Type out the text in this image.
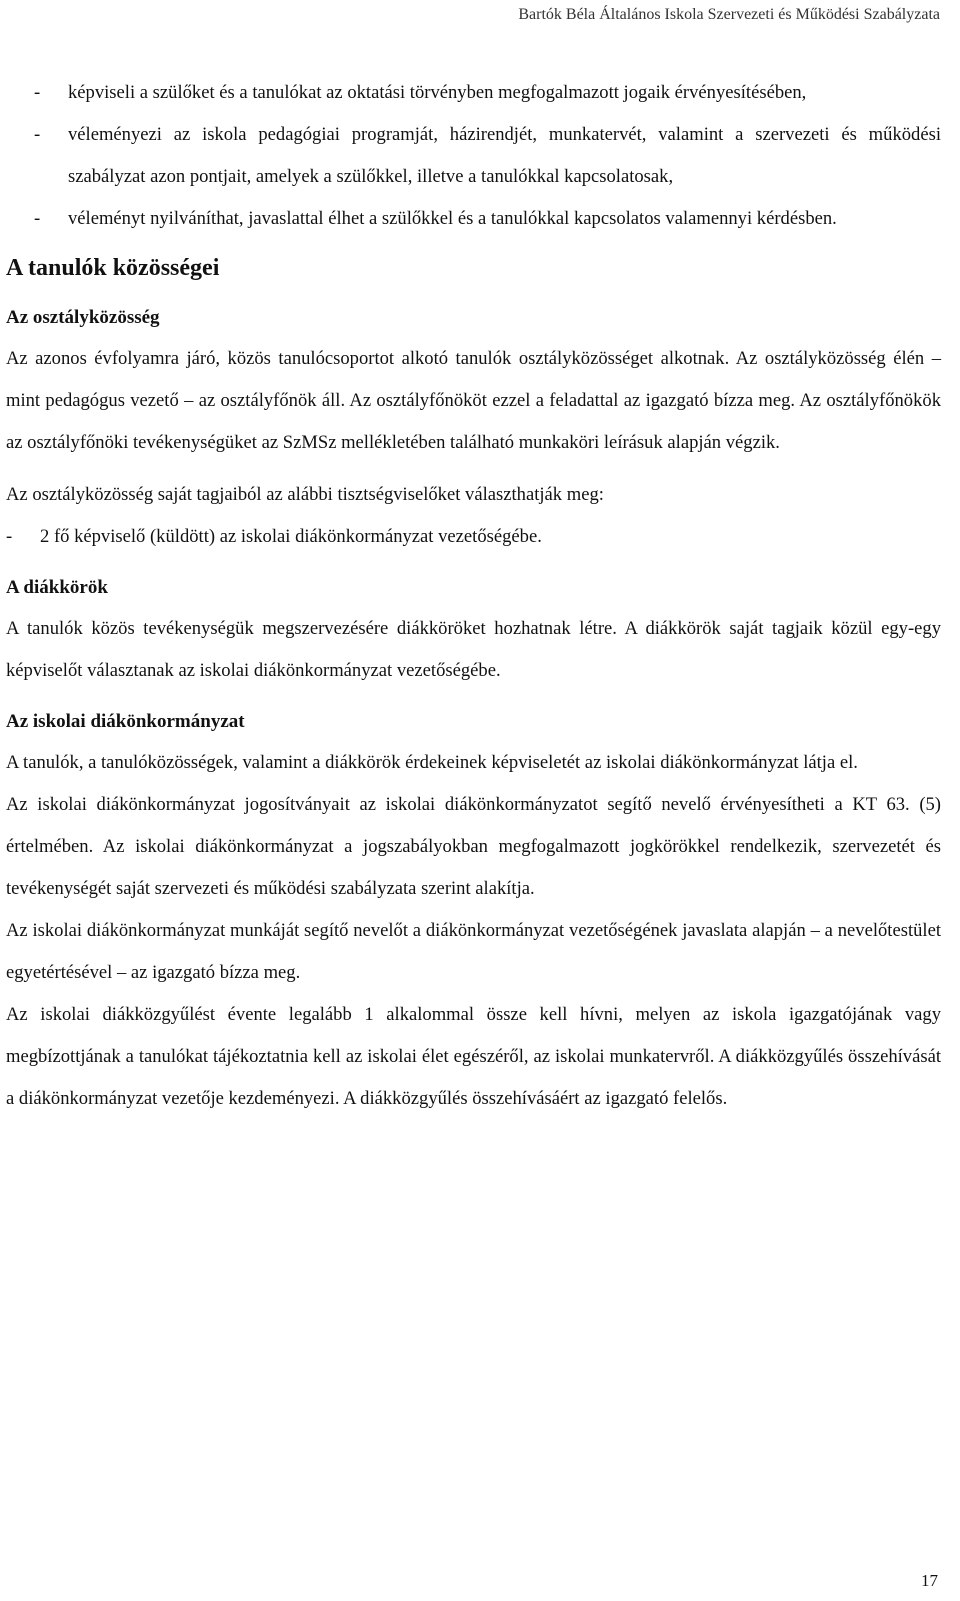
Bartók Béla Általános Iskola Szervezeti és Működési Szabályzata
-	képviseli a szülőket és a tanulókat az oktatási törvényben megfogalmazott jogaik érvényesítésében,
-	véleményezi az iskola pedagógiai programját, házirendjét, munkatervét, valamint a szervezeti és működési szabályzat azon pontjait, amelyek a szülőkkel, illetve a tanulókkal kapcsolatosak,
-	véleményt nyilváníthat, javaslattal élhet a szülőkkel és a tanulókkal kapcsolatos valamennyi kérdésben.
A tanulók közösségei
Az osztályközösség

Az azonos évfolyamra járó, közös tanulócsoportot alkotó tanulók osztályközösséget alkotnak. Az osztályközösség élén – mint pedagógus vezető – az osztályfőnök áll. Az osztályfőnököt ezzel a feladattal az igazgató bízza meg. Az osztályfőnökök az osztályfőnöki tevékenységüket az SzMSz mellékletében található munkaköri leírásuk alapján végzik.

Az osztályközösség saját tagjaiból az alábbi tisztségviselőket választhatják meg:

-	2 fő képviselő (küldött) az iskolai diákönkormányzat vezetőségébe.
A diákkörök

A tanulók közös tevékenységük megszervezésére diákköröket hozhatnak létre. A diákkörök saját tagjaik közül egy-egy képviselőt választanak az iskolai diákönkormányzat vezetőségébe.

Az iskolai diákönkormányzat

A tanulók, a tanulóközösségek, valamint a diákkörök érdekeinek képviseletét az iskolai diákönkormányzat látja el.

Az iskolai diákönkormányzat jogosítványait az iskolai diákönkormányzatot segítő nevelő érvényesítheti a KT 63. (5) értelmében. Az iskolai diákönkormányzat a jogszabályokban megfogalmazott jogkörökkel rendelkezik, szervezetét és tevékenységét saját szervezeti és működési szabályzata szerint alakítja.

Az iskolai diákönkormányzat munkáját segítő nevelőt a diákönkormányzat vezetőségének javaslata alapján – a nevelőtestület egyetértésével – az igazgató bízza meg.

Az iskolai diákközgyűlést évente legalább 1 alkalommal össze kell hívni, melyen az iskola igazgatójának vagy megbízottjának a tanulókat tájékoztatnia kell az iskolai élet egészéről, az iskolai munkatervről. A diákközgyűlés összehívását a diákönkormányzat vezetője kezdeményezi. A diákközgyűlés összehívásáért az igazgató felelős.

17
